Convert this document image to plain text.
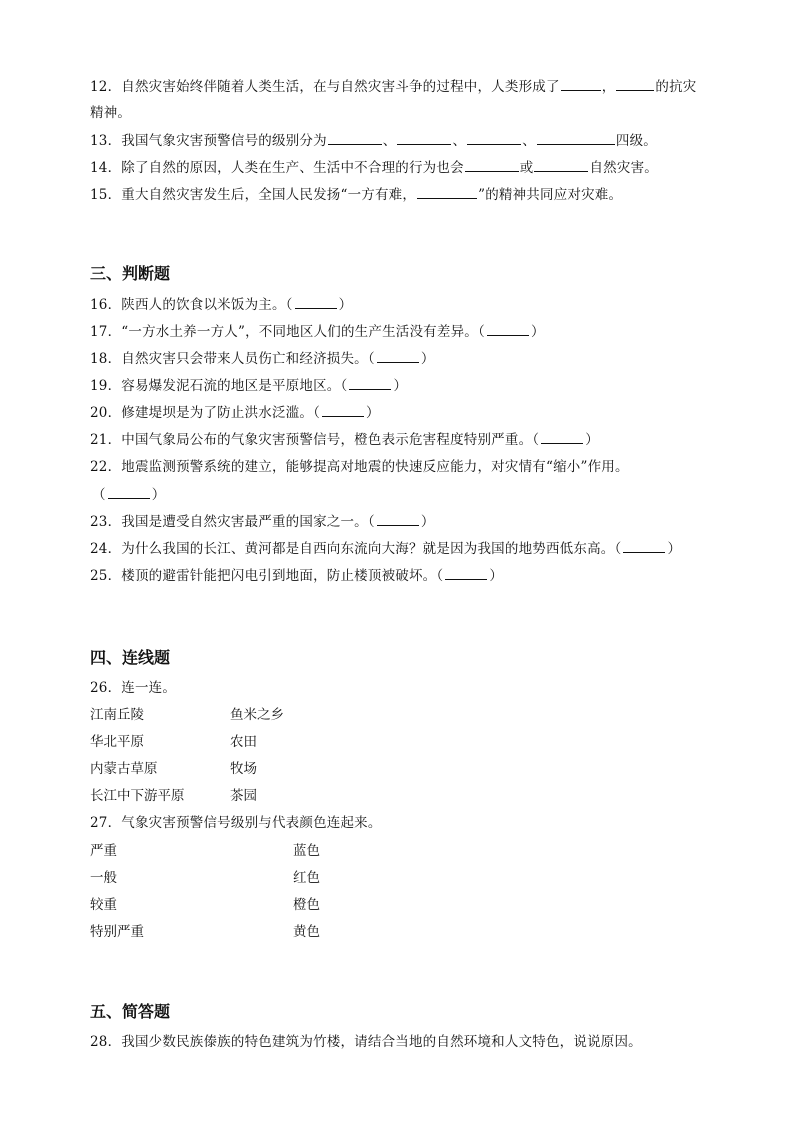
12．自然灾害始终伴随着人类生活，在与自然灾害斗争的过程中，人类形成了	，	的抗灾
精神。
13．我国气象灾害预警信号的级别分为	、	、	、	四级。
14．除了自然的原因，人类在生产、生活中不合理的行为也会	或	自然灾害。
15．重大自然灾害发生后，全国人民发扬“一方有难，	”的精神共同应对灾难。
三、判断题
16．陕西人的饮食以米饭为主。（	）
17．“一方水土养一方人”，不同地区人们的生产生活没有差异。（	）
18．自然灾害只会带来人员伤亡和经济损失。（	）
19．容易爆发泥石流的地区是平原地区。（	）
20．修建堤坝是为了防止洪水泛滥。（	）
21．中国气象局公布的气象灾害预警信号，橙色表示危害程度特别严重。（	）
22．地震监测预警系统的建立，能够提高对地震的快速反应能力，对灾情有“缩小”作用。
（	）
23．我国是遭受自然灾害最严重的国家之一。（	）
24．为什么我国的长江、黄河都是自西向东流向大海？就是因为我国的地势西低东高。（	）
25．楼顶的避雷针能把闪电引到地面，防止楼顶被破坏。（	）
四、连线题
26．连一连。
江南丘陵	鱼米之乡
华北平原	农田
内蒙古草原	牧场
长江中下游平原	茶园
27．气象灾害预警信号级别与代表颜色连起来。
严重	蓝色
一般	红色
较重	橙色
特别严重	黄色
五、简答题
28．我国少数民族傣族的特色建筑为竹楼，请结合当地的自然环境和人文特色，说说原因。
